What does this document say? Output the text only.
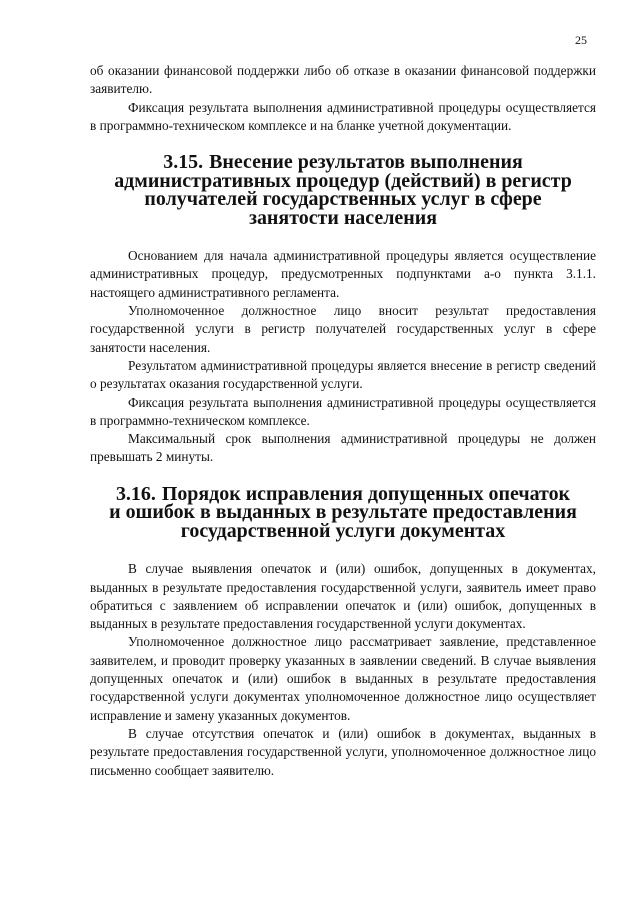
25

об оказании финансовой поддержки либо об отказе в оказании финансовой поддержки заявителю.

Фиксация результата выполнения административной процедуры осуществляется в программно-техническом комплексе и на бланке учетной документации.

3.15. Внесение результатов выполнения административных процедур (действий) в регистр получателей государственных услуг в сфере занятости населения

Основанием для начала административной процедуры является осуществление административных процедур, предусмотренных подпунктами а-о пункта 3.1.1. настоящего административного регламента.

Уполномоченное должностное лицо вносит результат предоставления государственной услуги в регистр получателей государственных услуг в сфере занятости населения.

Результатом административной процедуры является внесение в регистр сведений о результатах оказания государственной услуги.

Фиксация результата выполнения административной процедуры осуществляется в программно-техническом комплексе.

Максимальный срок выполнения административной процедуры не должен превышать 2 минуты.

3.16. Порядок исправления допущенных опечаток и ошибок в выданных в результате предоставления государственной услуги документах

В случае выявления опечаток и (или) ошибок, допущенных в документах, выданных в результате предоставления государственной услуги, заявитель имеет право обратиться с заявлением об исправлении опечаток и (или) ошибок, допущенных в выданных в результате предоставления государственной услуги документах.

Уполномоченное должностное лицо рассматривает заявление, представленное заявителем, и проводит проверку указанных в заявлении сведений. В случае выявления допущенных опечаток и (или) ошибок в выданных в результате предоставления государственной услуги документах уполномоченное должностное лицо осуществляет исправление и замену указанных документов.

В случае отсутствия опечаток и (или) ошибок в документах, выданных в результате предоставления государственной услуги, уполномоченное должностное лицо письменно сообщает заявителю.
